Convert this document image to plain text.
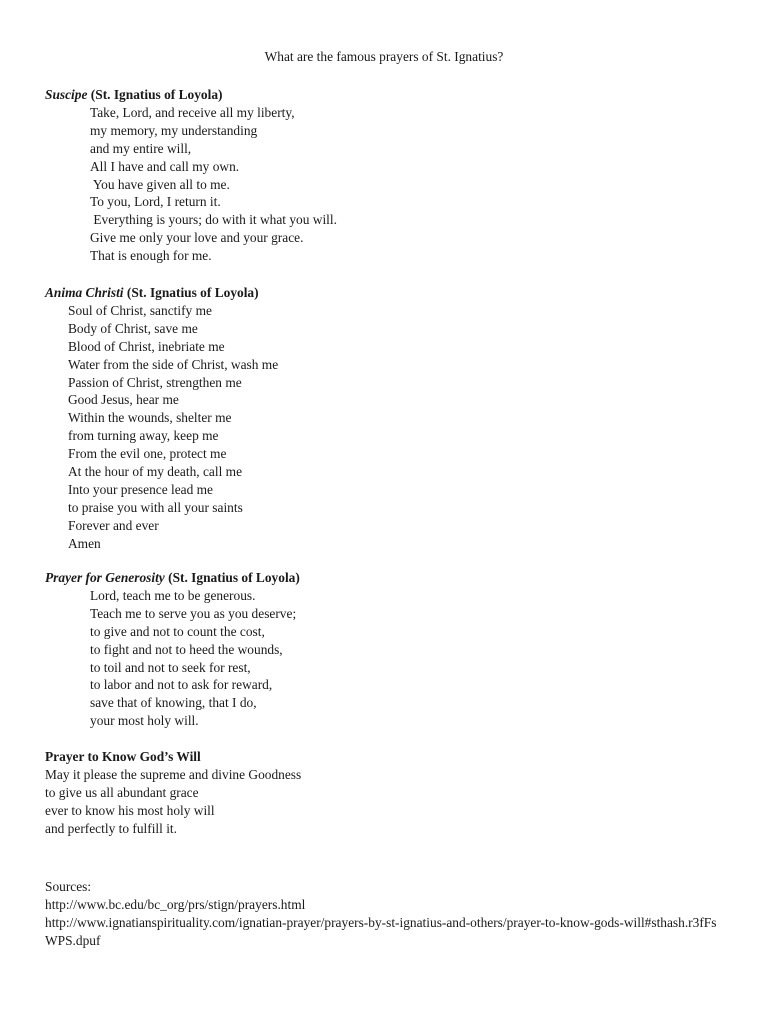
What are the famous prayers of St. Ignatius?
Suscipe (St. Ignatius of Loyola)
Take, Lord, and receive all my liberty,
my memory, my understanding
and my entire will,
All I have and call my own.
You have given all to me.
To you, Lord, I return it.
Everything is yours; do with it what you will.
Give me only your love and your grace.
That is enough for me.
Anima Christi (St. Ignatius of Loyola)
Soul of Christ, sanctify me
Body of Christ, save me
Blood of Christ, inebriate me
Water from the side of Christ, wash me
Passion of Christ, strengthen me
Good Jesus, hear me
Within the wounds, shelter me
from turning away, keep me
From the evil one, protect me
At the hour of my death, call me
Into your presence lead me
to praise you with all your saints
Forever and ever
Amen
Prayer for Generosity (St. Ignatius of Loyola)
Lord, teach me to be generous.
Teach me to serve you as you deserve;
to give and not to count the cost,
to fight and not to heed the wounds,
to toil and not to seek for rest,
to labor and not to ask for reward,
save that of knowing, that I do,
your most holy will.
Prayer to Know God’s Will
May it please the supreme and divine Goodness
to give us all abundant grace
ever to know his most holy will
and perfectly to fulfill it.
Sources:
http://www.bc.edu/bc_org/prs/stign/prayers.html
http://www.ignatianspirituality.com/ignatian-prayer/prayers-by-st-ignatius-and-others/prayer-to-know-gods-will#sthash.r3fFsWPS.dpuf
